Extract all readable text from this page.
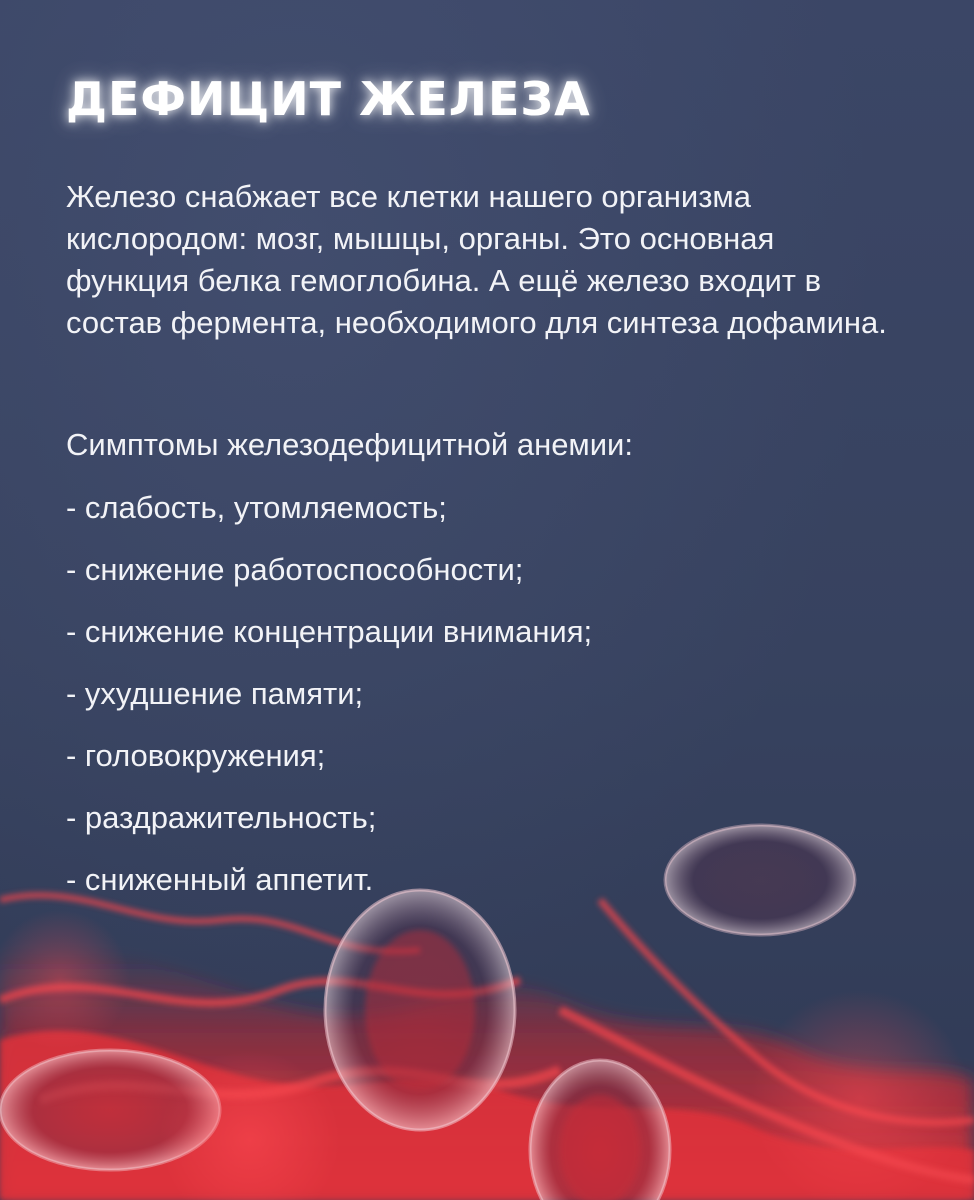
ДЕФИЦИТ ЖЕЛЕЗА

Железо снабжает все клетки нашего организма кислородом: мозг, мышцы, органы. Это основная функция белка гемоглобина. А ещё железо входит в состав фермента, необходимого для синтеза дофамина.

Симптомы железодефицитной анемии:

- слабость, утомляемость;
- снижение работоспособности;
- снижение концентрации внимания;
- ухудшение памяти;
- головокружения;
- раздражительность;
- сниженный аппетит.
